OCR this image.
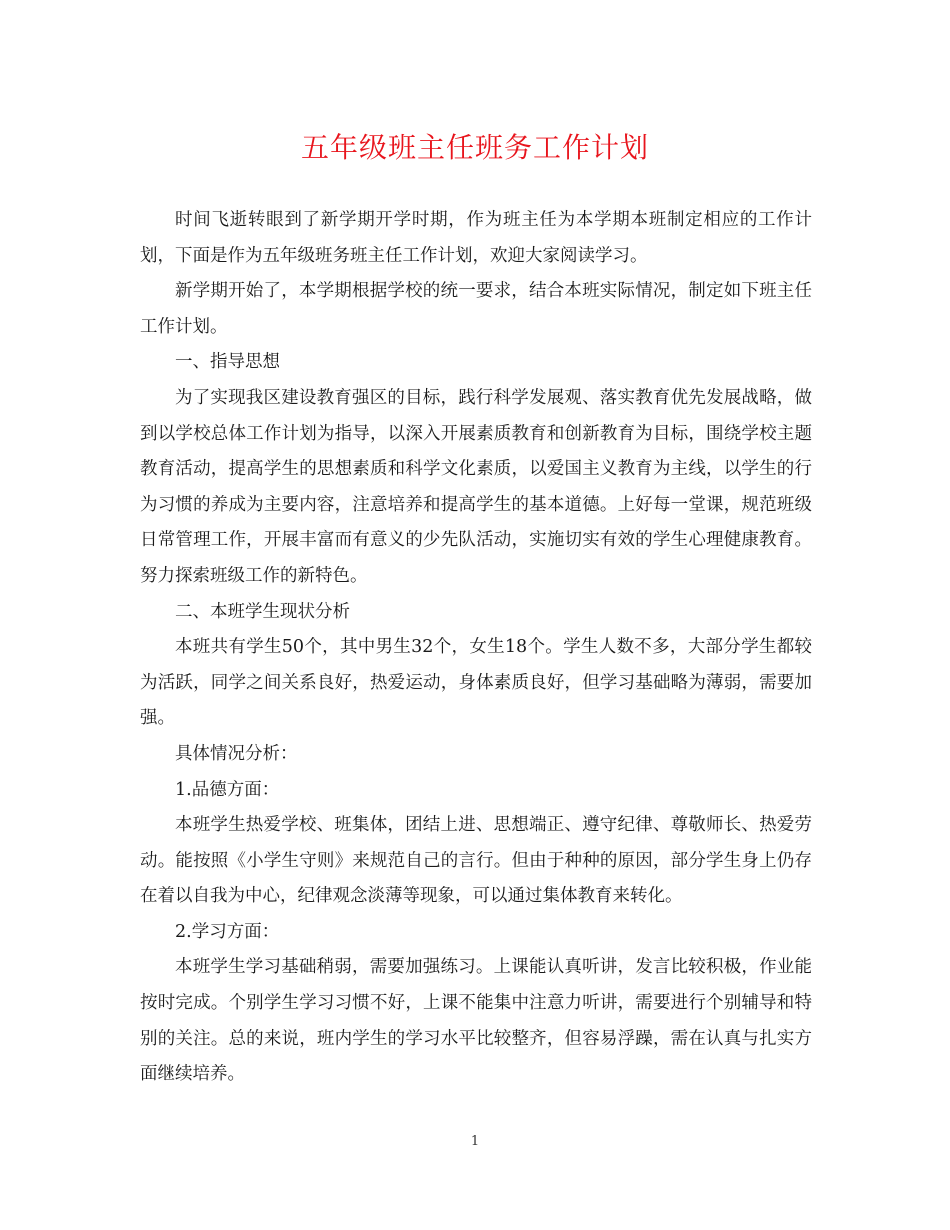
五年级班主任班务工作计划

时间飞逝转眼到了新学期开学时期，作为班主任为本学期本班制定相应的工作计划，下面是作为五年级班务班主任工作计划，欢迎大家阅读学习。

新学期开始了，本学期根据学校的统一要求，结合本班实际情况，制定如下班主任工作计划。

一、指导思想

为了实现我区建设教育强区的目标，践行科学发展观、落实教育优先发展战略，做到以学校总体工作计划为指导，以深入开展素质教育和创新教育为目标，围绕学校主题教育活动，提高学生的思想素质和科学文化素质，以爱国主义教育为主线，以学生的行为习惯的养成为主要内容，注意培养和提高学生的基本道德。上好每一堂课，规范班级日常管理工作，开展丰富而有意义的少先队活动，实施切实有效的学生心理健康教育。努力探索班级工作的新特色。

二、本班学生现状分析

本班共有学生50个，其中男生32个，女生18个。学生人数不多，大部分学生都较为活跃，同学之间关系良好，热爱运动，身体素质良好，但学习基础略为薄弱，需要加强。

具体情况分析：

1.品德方面：

本班学生热爱学校、班集体，团结上进、思想端正、遵守纪律、尊敬师长、热爱劳动。能按照《小学生守则》来规范自己的言行。但由于种种的原因，部分学生身上仍存在着以自我为中心，纪律观念淡薄等现象，可以通过集体教育来转化。

2.学习方面：

本班学生学习基础稍弱，需要加强练习。上课能认真听讲，发言比较积极，作业能按时完成。个别学生学习习惯不好，上课不能集中注意力听讲，需要进行个别辅导和特别的关注。总的来说，班内学生的学习水平比较整齐，但容易浮躁，需在认真与扎实方面继续培养。

1
